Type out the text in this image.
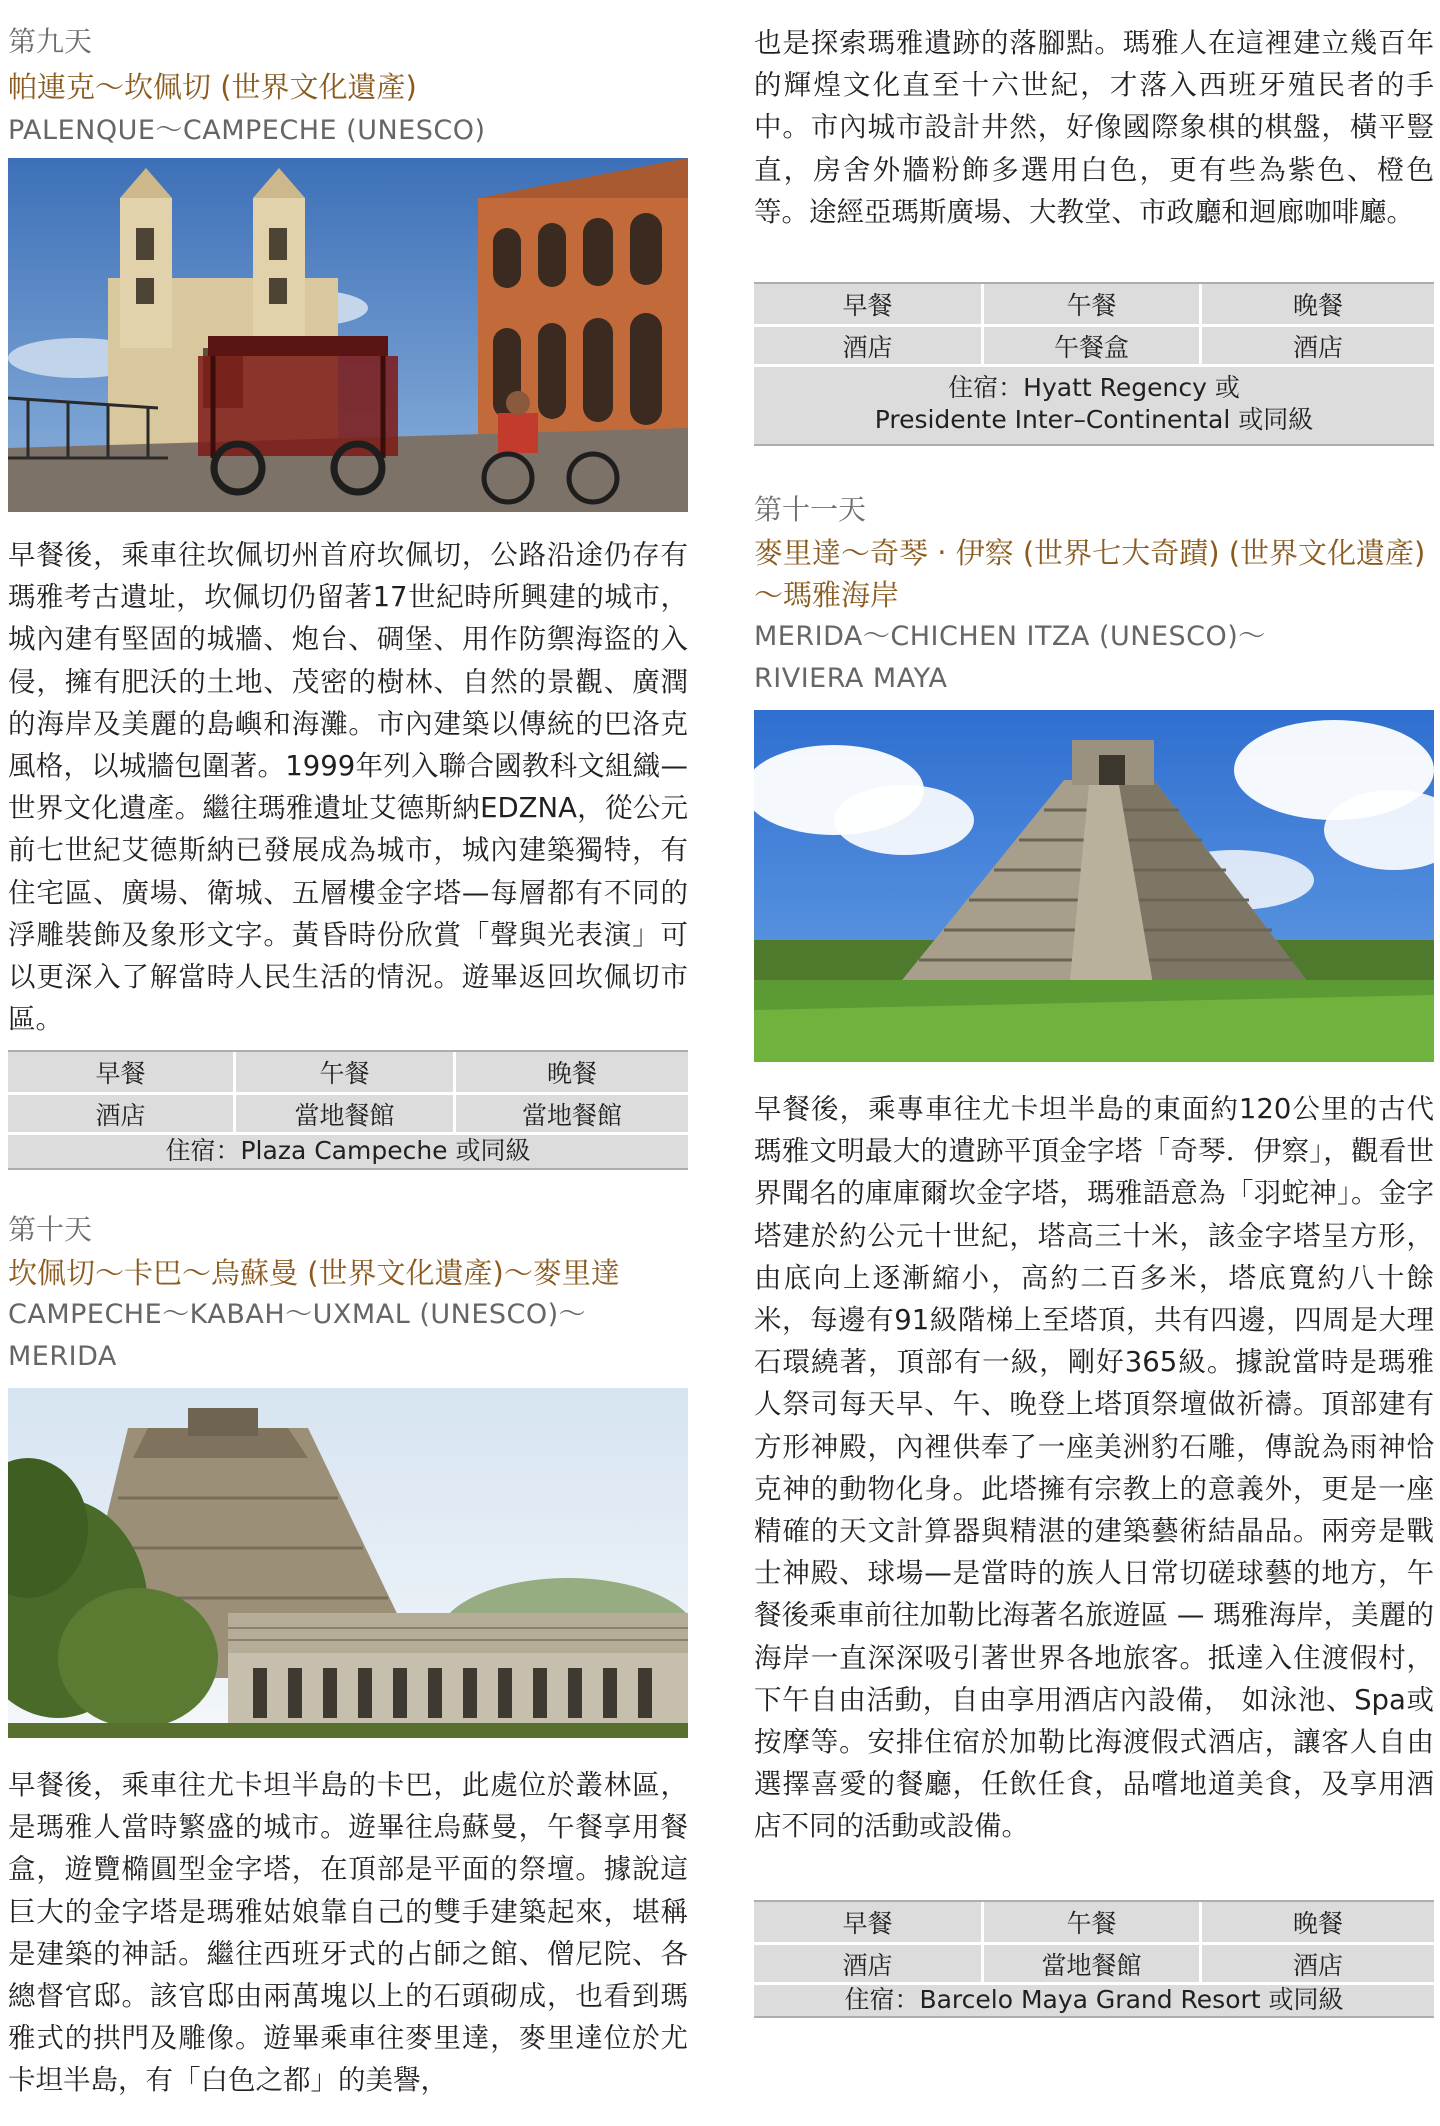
第九天
帕連克～坎佩切 (世界文化遺產)
PALENQUE～CAMPECHE (UNESCO)

早餐後，乘車往坎佩切州首府坎佩切，公路沿途仍存有瑪雅考古遺址，坎佩切仍留著17世紀時所興建的城市，城內建有堅固的城牆、炮台、碉堡、用作防禦海盜的入侵，擁有肥沃的土地、茂密的樹林、自然的景觀、廣潤的海岸及美麗的島嶼和海灘。市內建築以傳統的巴洛克風格，以城牆包圍著。1999年列入聯合國教科文組織—世界文化遺產。繼往瑪雅遺址艾德斯納EDZNA，從公元前七世紀艾德斯納已發展成為城市，城內建築獨特，有住宅區、廣場、衛城、五層樓金字塔—每層都有不同的浮雕裝飾及象形文字。黃昏時份欣賞「聲與光表演」可以更深入了解當時人民生活的情況。遊畢返回坎佩切市區。

早餐	午餐	晚餐
酒店	當地餐館	當地餐館
住宿：Plaza Campeche 或同級
第十天
坎佩切～卡巴～烏蘇曼 (世界文化遺產)～麥里達
CAMPECHE～KABAH～UXMAL (UNESCO)～
MERIDA

早餐後，乘車往尤卡坦半島的卡巴，此處位於叢林區，是瑪雅人當時繁盛的城市。遊畢往烏蘇曼，午餐享用餐盒，遊覽橢圓型金字塔，在頂部是平面的祭壇。據說這巨大的金字塔是瑪雅姑娘靠自己的雙手建築起來，堪稱是建築的神話。繼往西班牙式的占師之館、僧尼院、各總督官邸。該官邸由兩萬塊以上的石頭砌成，也看到瑪雅式的拱門及雕像。遊畢乘車往麥里達，麥里達位於尤卡坦半島，有「白色之都」的美譽，

也是探索瑪雅遺跡的落腳點。瑪雅人在這裡建立幾百年的輝煌文化直至十六世紀，才落入西班牙殖民者的手中。市內城市設計井然，好像國際象棋的棋盤，橫平豎直，房舍外牆粉飾多選用白色，更有些為紫色、橙色等。途經亞瑪斯廣場、大教堂、市政廳和迴廊咖啡廳。

早餐	午餐	晚餐
酒店	午餐盒	酒店
住宿：Hyatt Regency 或
Presidente Inter–Continental 或同級
第十一天
麥里達～奇琴 ‧ 伊察 (世界七大奇蹟) (世界文化遺產)
～瑪雅海岸
MERIDA～CHICHEN ITZA (UNESCO)～
RIVIERA MAYA

早餐後，乘專車往尤卡坦半島的東面約120公里的古代瑪雅文明最大的遺跡平頂金字塔「奇琴．伊察」，觀看世界聞名的庫庫爾坎金字塔，瑪雅語意為「羽蛇神」。金字塔建於約公元十世紀，塔高三十米，該金字塔呈方形，由底向上逐漸縮小，高約二百多米，塔底寬約八十餘米，每邊有91級階梯上至塔頂，共有四邊，四周是大理石環繞著，頂部有一級，剛好365級。據說當時是瑪雅人祭司每天早、午、晚登上塔頂祭壇做祈禱。頂部建有方形神殿，內裡供奉了一座美洲豹石雕，傳說為雨神恰克神的動物化身。此塔擁有宗教上的意義外，更是一座精確的天文計算器與精湛的建築藝術結晶品。兩旁是戰士神殿、球場—是當時的族人日常切磋球藝的地方，午餐後乘車前往加勒比海著名旅遊區 — 瑪雅海岸，美麗的海岸一直深深吸引著世界各地旅客。抵達入住渡假村，下午自由活動，自由享用酒店內設備， 如泳池、Spa或按摩等。安排住宿於加勒比海渡假式酒店，讓客人自由選擇喜愛的餐廳，任飲任食，品嚐地道美食，及享用酒店不同的活動或設備。

早餐	午餐	晚餐
酒店	當地餐館	酒店
住宿：Barcelo Maya Grand Resort 或同級
